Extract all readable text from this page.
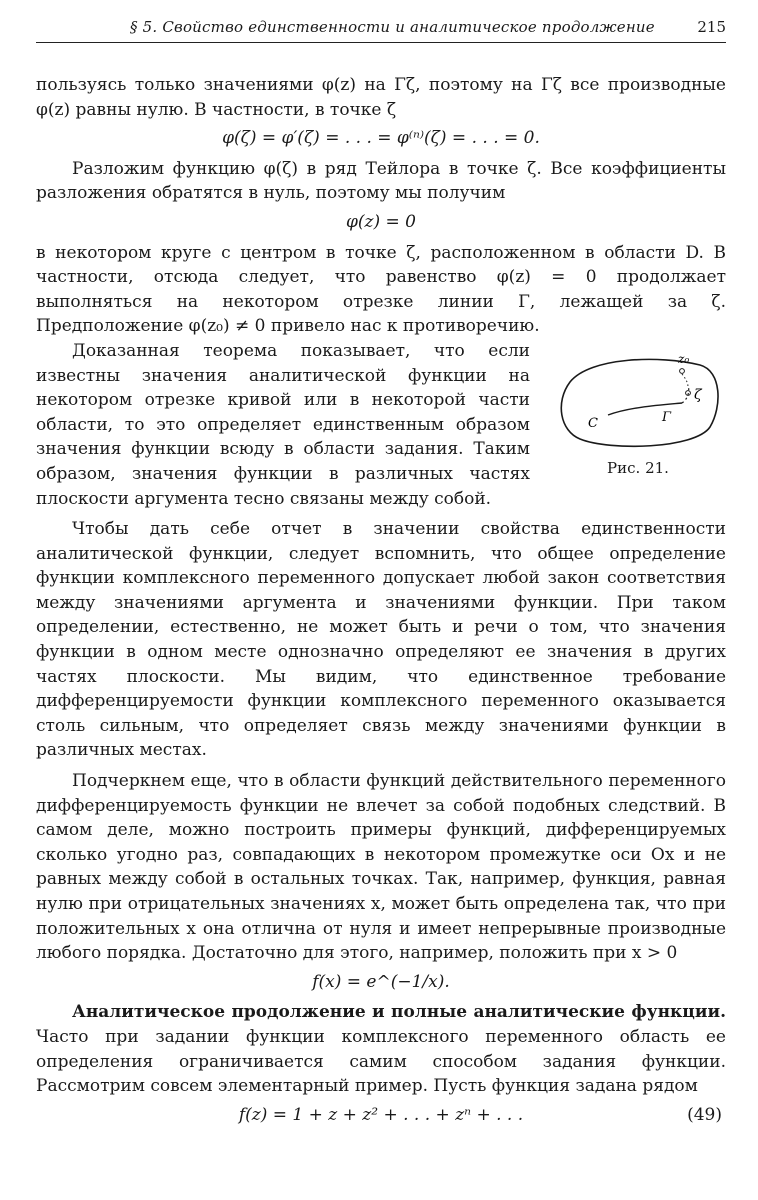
§ 5. Свойство единственности и аналитическое продолжение	215

пользуясь только значениями φ(z) на Γζ, поэтому на Γζ все производные φ(z) равны нулю. В частности, в точке ζ

φ(ζ) = φ′(ζ) = . . . = φ⁽ⁿ⁾(ζ) = . . . = 0.

Разложим функцию φ(ζ) в ряд Тейлора в точке ζ. Все коэффициенты разложения обратятся в нуль, поэтому мы получим

φ(z) = 0

в некотором круге с центром в точке ζ, расположенном в области D. В частности, отсюда следует, что равенство φ(z) = 0 продолжает выполняться на некотором отрезке линии Γ, лежащей за ζ. Предположение φ(z₀) ≠ 0 привело нас к противоречию.

z₀
ζ
C	Γ
Рис. 21.

Доказанная теорема показывает, что если известны значения аналитической функции на некотором отрезке кривой или в некоторой части области, то это определяет единственным образом значения функции всюду в области задания. Таким образом, значения функции в различных частях плоскости аргумента тесно связаны между собой.

Чтобы дать себе отчет в значении свойства единственности аналитической функции, следует вспомнить, что общее определение функции комплексного переменного допускает любой закон соответствия между значениями аргумента и значениями функции. При таком определении, естественно, не может быть и речи о том, что значения функции в одном месте однозначно определяют ее значения в других частях плоскости. Мы видим, что единственное требование дифференцируемости функции комплексного переменного оказывается столь сильным, что определяет связь между значениями функции в различных местах.

Подчеркнем еще, что в области функций действительного переменного дифференцируемость функции не влечет за собой подобных следствий. В самом деле, можно построить примеры функций, дифференцируемых сколько угодно раз, совпадающих в некотором промежутке оси Ox и не равных между собой в остальных точках. Так, например, функция, равная нулю при отрицательных значениях x, может быть определена так, что при положительных x она отлична от нуля и имеет непрерывные производные любого порядка. Достаточно для этого, например, положить при x > 0

f(x) = e^(−1/x).

Аналитическое продолжение и полные аналитические функции. Часто при задании функции комплексного переменного область ее определения ограничивается самим способом задания функции. Рассмотрим совсем элементарный пример. Пусть функция задана рядом

f(z) = 1 + z + z² + . . . + zⁿ + . . .	(49)
